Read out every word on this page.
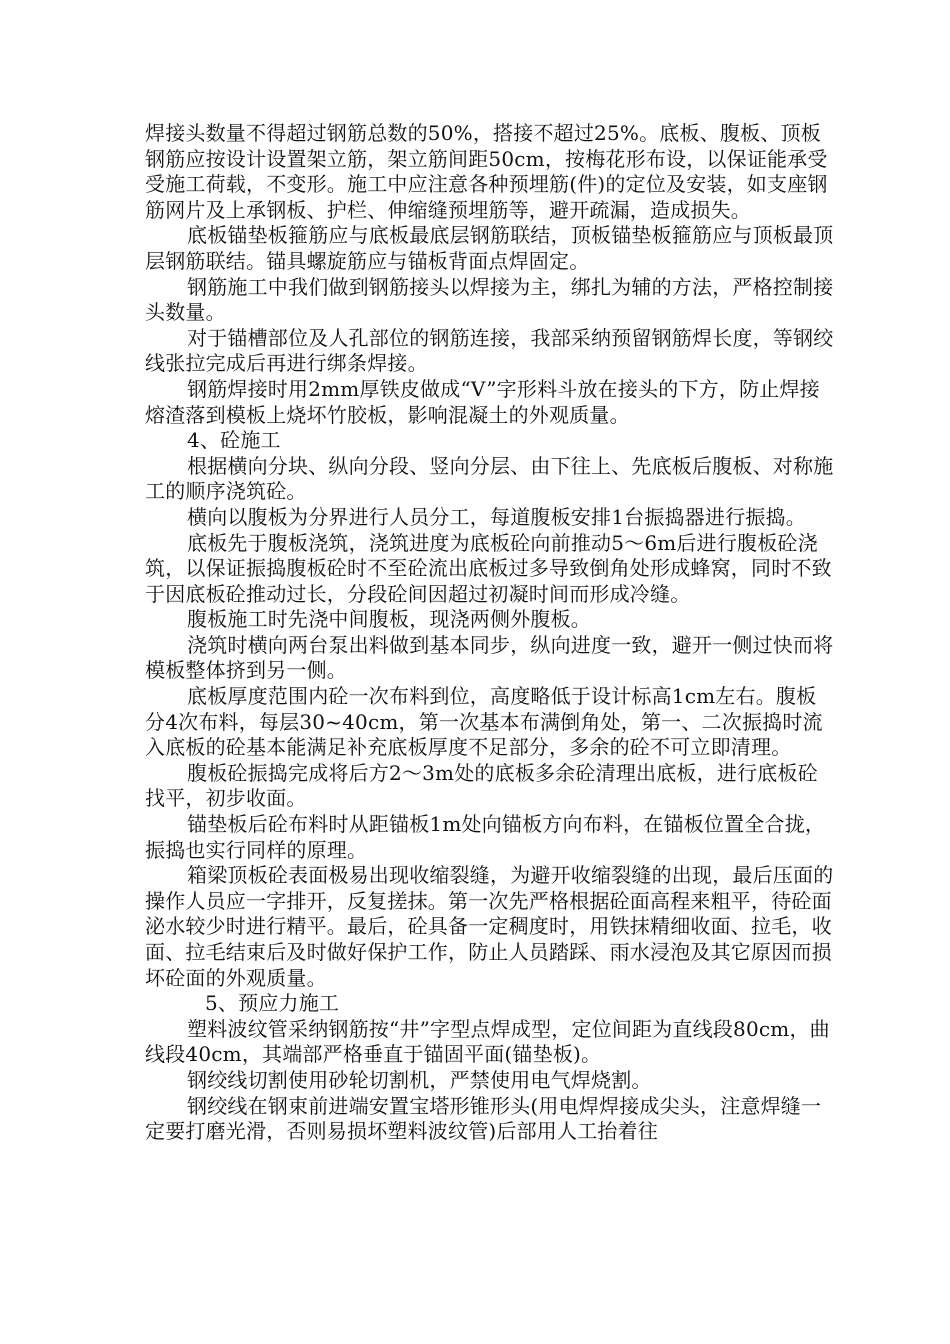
焊接头数量不得超过钢筋总数的50%，搭接不超过25%。底板、腹板、顶板钢筋应按设计设置架立筋，架立筋间距50cm，按梅花形布设，以保证能承受受施工荷载，不变形。施工中应注意各种预埋筋(件)的定位及安装，如支座钢筋网片及上承钢板、护栏、伸缩缝预埋筋等，避开疏漏，造成损失。

底板锚垫板箍筋应与底板最底层钢筋联结，顶板锚垫板箍筋应与顶板最顶层钢筋联结。锚具螺旋筋应与锚板背面点焊固定。

钢筋施工中我们做到钢筋接头以焊接为主，绑扎为辅的方法，严格控制接头数量。

对于锚槽部位及人孔部位的钢筋连接，我部采纳预留钢筋焊长度，等钢绞线张拉完成后再进行绑条焊接。

钢筋焊接时用2mm厚铁皮做成“V”字形料斗放在接头的下方，防止焊接熔渣落到模板上烧坏竹胶板，影响混凝土的外观质量。

4、砼施工

根据横向分块、纵向分段、竖向分层、由下往上、先底板后腹板、对称施工的顺序浇筑砼。

横向以腹板为分界进行人员分工，每道腹板安排1台振捣器进行振捣。

底板先于腹板浇筑，浇筑进度为底板砼向前推动5～6m后进行腹板砼浇筑，以保证振捣腹板砼时不至砼流出底板过多导致倒角处形成蜂窝，同时不致于因底板砼推动过长，分段砼间因超过初凝时间而形成冷缝。

腹板施工时先浇中间腹板，现浇两侧外腹板。

浇筑时横向两台泵出料做到基本同步，纵向进度一致，避开一侧过快而将模板整体挤到另一侧。

底板厚度范围内砼一次布料到位，高度略低于设计标高1cm左右。腹板分4次布料，每层30~40cm，第一次基本布满倒角处，第一、二次振捣时流入底板的砼基本能满足补充底板厚度不足部分，多余的砼不可立即清理。

腹板砼振捣完成将后方2～3m处的底板多余砼清理出底板，进行底板砼找平，初步收面。

锚垫板后砼布料时从距锚板1m处向锚板方向布料，在锚板位置全合拢，振捣也实行同样的原理。

箱梁顶板砼表面极易出现收缩裂缝，为避开收缩裂缝的出现，最后压面的操作人员应一字排开，反复搓抹。第一次先严格根据砼面高程来粗平，待砼面泌水较少时进行精平。最后，砼具备一定稠度时，用铁抹精细收面、拉毛，收面、拉毛结束后及时做好保护工作，防止人员踏踩、雨水浸泡及其它原因而损坏砼面的外观质量。

5、预应力施工

塑料波纹管采纳钢筋按“井”字型点焊成型，定位间距为直线段80cm，曲线段40cm，其端部严格垂直于锚固平面(锚垫板)。

钢绞线切割使用砂轮切割机，严禁使用电气焊烧割。

钢绞线在钢束前进端安置宝塔形锥形头(用电焊焊接成尖头，注意焊缝一定要打磨光滑，否则易损坏塑料波纹管)后部用人工抬着往
